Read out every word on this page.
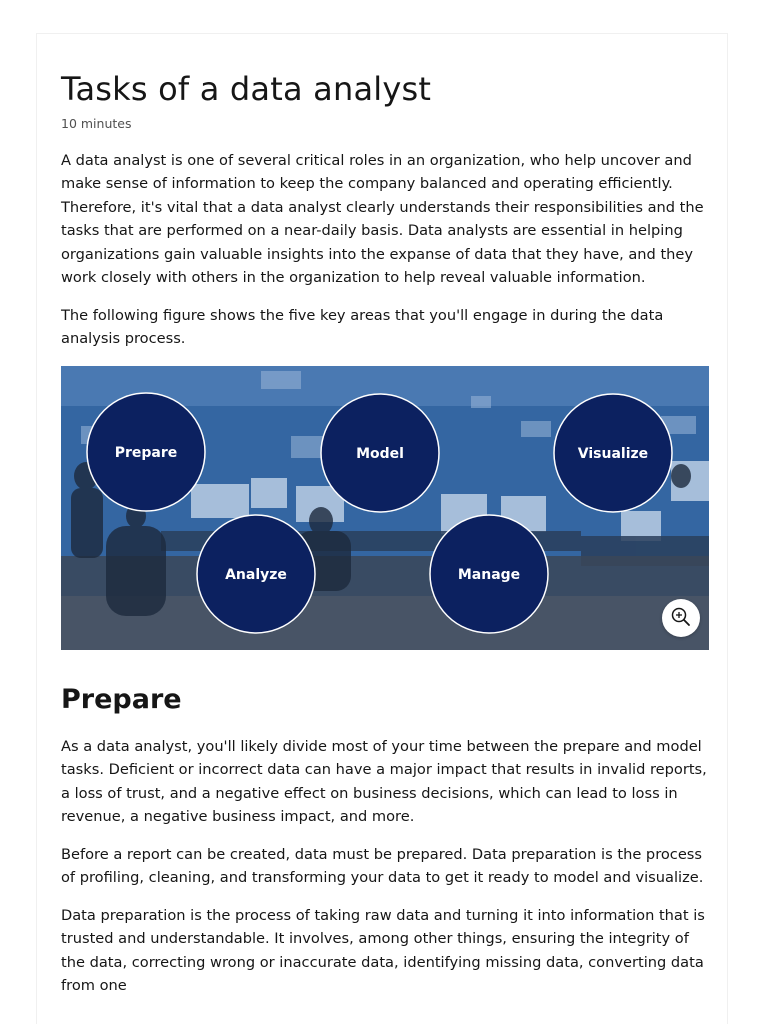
Tasks of a data analyst
10 minutes

A data analyst is one of several critical roles in an organization, who help uncover and make sense of information to keep the company balanced and operating efficiently. Therefore, it's vital that a data analyst clearly understands their responsibilities and the tasks that are performed on a near-daily basis. Data analysts are essential in helping organizations gain valuable insights into the expanse of data that they have, and they work closely with others in the organization to help reveal valuable information.

The following figure shows the five key areas that you'll engage in during the data analysis process.

Prepare	Model	Visualize
Analyze	Manage
Prepare

As a data analyst, you'll likely divide most of your time between the prepare and model tasks. Deficient or incorrect data can have a major impact that results in invalid reports, a loss of trust, and a negative effect on business decisions, which can lead to loss in revenue, a negative business impact, and more.

Before a report can be created, data must be prepared. Data preparation is the process of profiling, cleaning, and transforming your data to get it ready to model and visualize.

Data preparation is the process of taking raw data and turning it into information that is trusted and understandable. It involves, among other things, ensuring the integrity of the data, correcting wrong or inaccurate data, identifying missing data, converting data from one
